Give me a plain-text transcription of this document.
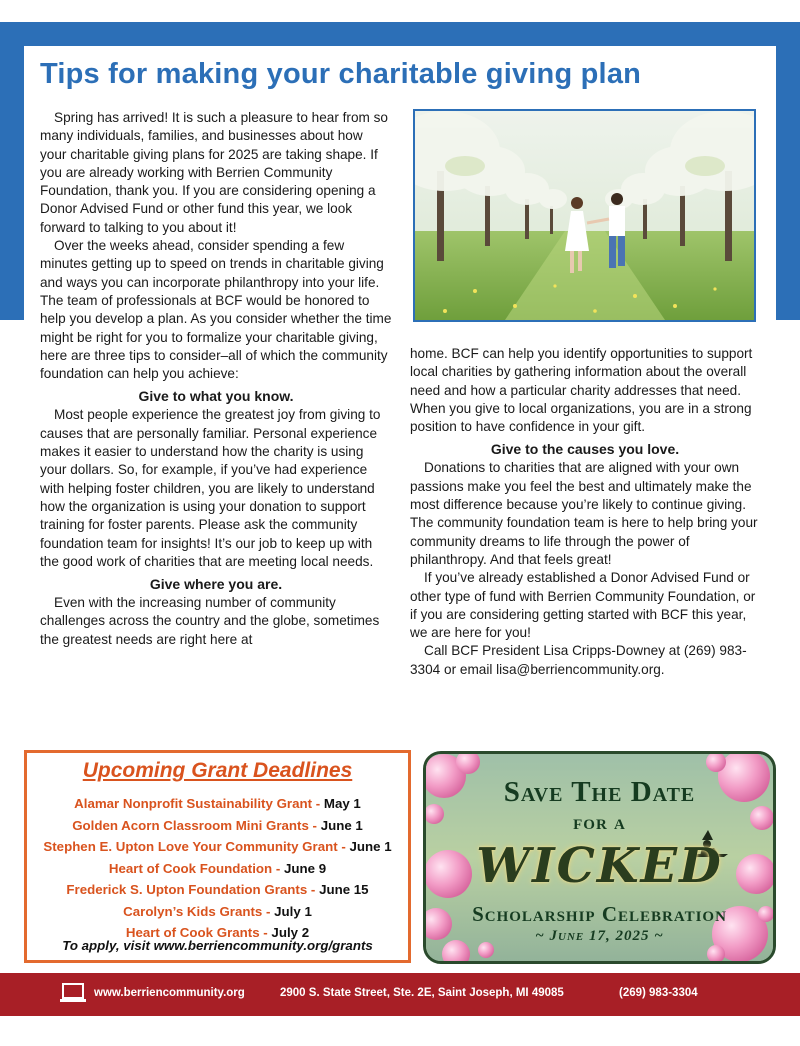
Tips for making your charitable giving plan

Spring has arrived! It is such a pleasure to hear from so many individuals, families, and businesses about how your charitable giving plans for 2025 are taking shape. If you are already working with Berrien Community Foundation, thank you. If you are considering opening a Donor Advised Fund or other fund this year, we look forward to talking to you about it!

Over the weeks ahead, consider spending a few minutes getting up to speed on trends in charitable giving and ways you can incorporate philanthropy into your life. The team of professionals at BCF would be honored to help you develop a plan. As you consider whether the time might be right for you to formalize your charitable giving, here are three tips to consider–all of which the community foundation can help you achieve:

Give to what you know.

Most people experience the greatest joy from giving to causes that are personally familiar. Personal experience makes it easier to understand how the charity is using your dollars. So, for example, if you’ve had experience with helping foster children, you are likely to understand how the organization is using your donation to support training for foster parents. Please ask the community foundation team for insights! It’s our job to keep up with the good work of charities that are meeting local needs.

Give where you are.

Even with the increasing number of community challenges across the country and the globe, sometimes the greatest needs are right here at

home. BCF can help you identify opportunities to support local charities by gathering information about the overall need and how a particular charity addresses that need. When you give to local organizations, you are in a strong position to have confidence in your gift.

Give to the causes you love.

Donations to charities that are aligned with your own passions make you feel the best and ultimately make the most difference because you’re likely to continue giving. The community foundation team is here to help bring your community dreams to life through the power of philanthropy. And that feels great!

If you’ve already established a Donor Advised Fund or other type of fund with Berrien Community Foundation, or if you are considering getting started with BCF this year, we are here for you!

Call BCF President Lisa Cripps-Downey at (269) 983-3304 or email lisa@berriencommunity.org.

Upcoming Grant Deadlines
Alamar Nonprofit Sustainability Grant - May 1
Golden Acorn Classroom Mini Grants - June 1
Stephen E. Upton Love Your Community Grant - June 1
Heart of Cook Foundation - June 9
Frederick S. Upton Foundation Grants - June 15
Carolyn’s Kids Grants - July 1
Heart of Cook Grants - July 2
To apply, visit www.berriencommunity.org/grants
Save The Date
for a
WICKED
Scholarship Celebration
~ June 17, 2025 ~
www.berriencommunity.org	2900 S. State Street, Ste. 2E, Saint Joseph, MI 49085	(269) 983-3304
